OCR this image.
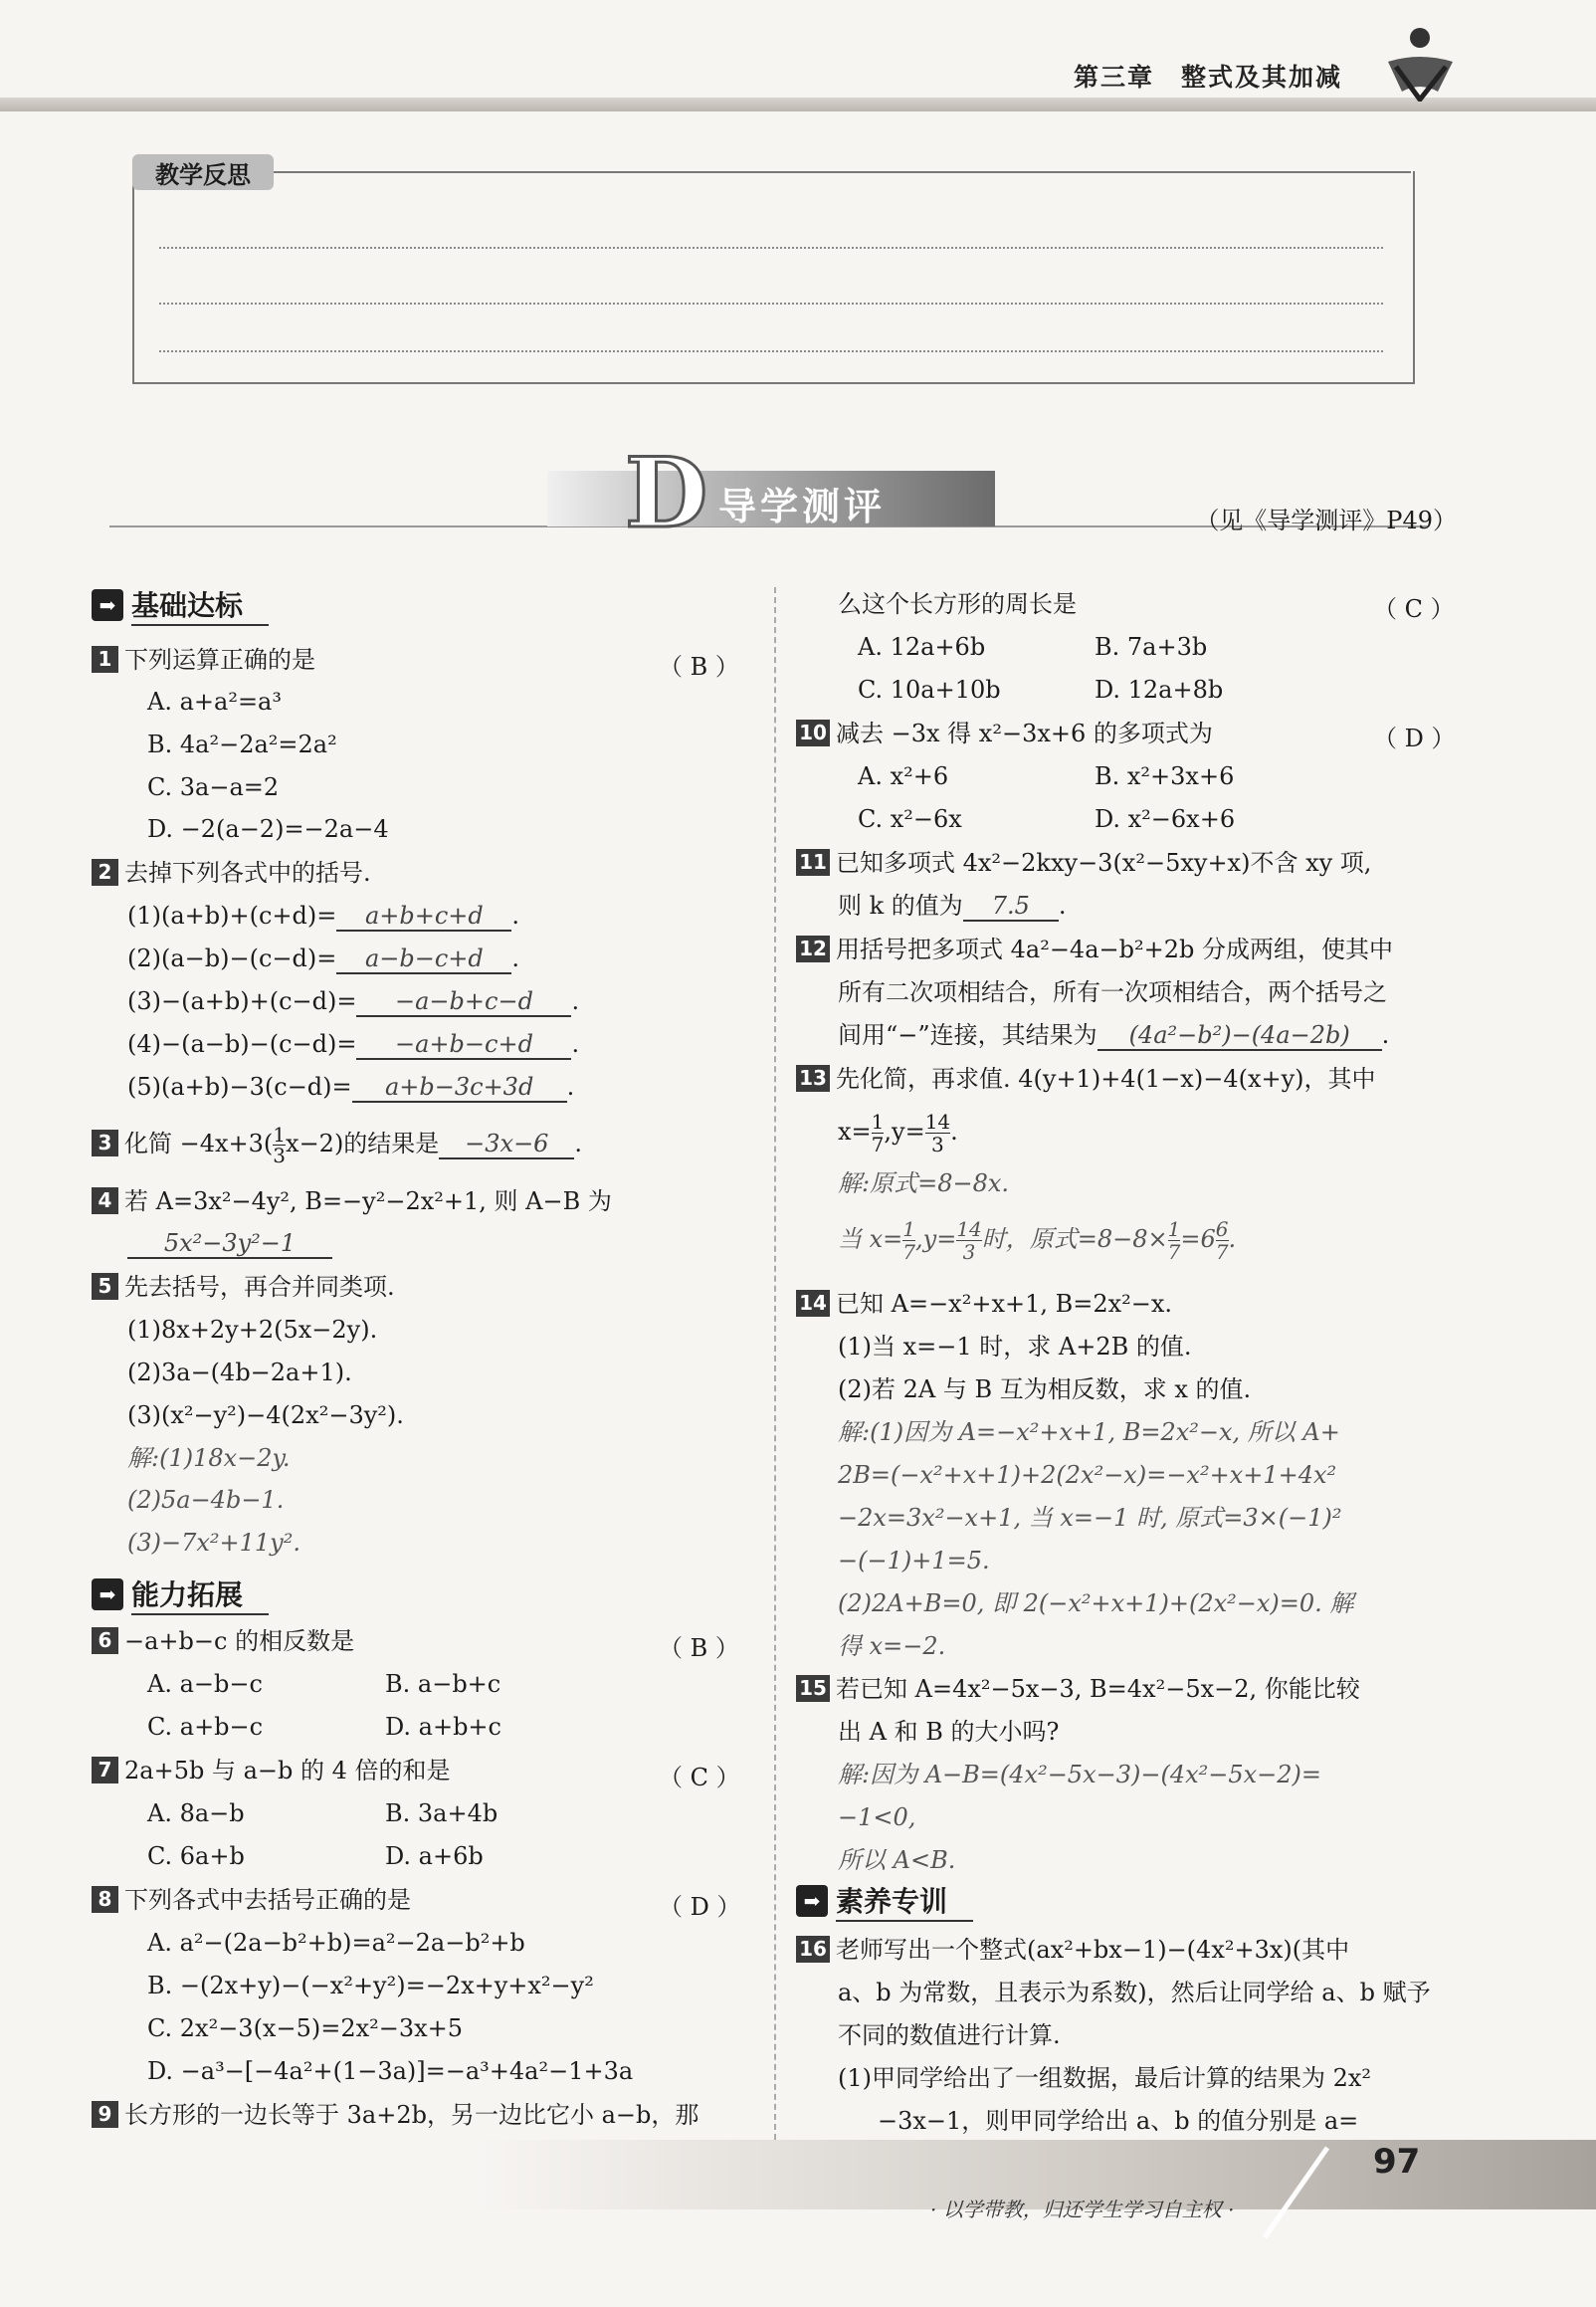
第三章　整式及其加减
教学反思
D 导学测评	（见《导学测评》P49）
➡ 基础达标
1 下列运算正确的是	（ B ）
A. a+a²=a³
B. 4a²−2a²=2a²
C. 3a−a=2
D. −2(a−2)=−2a−4
2 去掉下列各式中的括号.
(1)(a+b)+(c+d)= a+b+c+d .
(2)(a−b)−(c−d)= a−b−c+d .
(3)−(a+b)+(c−d)= −a−b+c−d .
(4)−(a−b)−(c−d)= −a+b−c+d .
(5)(a+b)−3(c−d)= a+b−3c+3d .
3 化简 $-4x+3( \frac{1}{3} x-2)$的结果是 −3x−6 .
4 若 A=3x²−4y², B=−y²−2x²+1, 则 A−B 为
5x²−3y²−1
5 先去括号，再合并同类项.
(1)8x+2y+2(5x−2y).
(2)3a−(4b−2a+1).
(3)(x²−y²)−4(2x²−3y²).
解:(1)18x−2y.
(2)5a−4b−1.
(3)−7x²+11y².
➡ 能力拓展
6 −a+b−c 的相反数是	（ B ）
A. a−b−c	B. a−b+c
C. a+b−c	D. a+b+c
7 2a+5b 与 a−b 的 4 倍的和是	（ C ）
A. 8a−b	B. 3a+4b
C. 6a+b	D. a+6b
8 下列各式中去括号正确的是	（ D ）
A. a²−(2a−b²+b)=a²−2a−b²+b
B. −(2x+y)−(−x²+y²)=−2x+y+x²−y²
C. 2x²−3(x−5)=2x²−3x+5
D. −a³−[−4a²+(1−3a)]=−a³+4a²−1+3a
9 长方形的一边长等于 3a+2b，另一边比它小 a−b，那
么这个长方形的周长是	（ C ）
A. 12a+6b	B. 7a+3b
C. 10a+10b	D. 12a+8b
10 减去 −3x 得 x²−3x+6 的多项式为	（ D ）
A. x²+6	B. x²+3x+6
C. x²−6x	D. x²−6x+6
11 已知多项式 4x²−2kxy−3(x²−5xy+x)不含 xy 项,
则 k 的值为 7.5 .
12 用括号把多项式 4a²−4a−b²+2b 分成两组，使其中
所有二次项相结合，所有一次项相结合，两个括号之
间用“−”连接，其结果为 (4a²−b²)−(4a−2b) .
13 先化简，再求值. 4(y+1)+4(1−x)−4(x+y)，其中
$x= \frac{1}{7} ,y= \frac{14}{3}$ .
解:原式=8−8x.
当 $x= \frac{1}{7} ,y= \frac{14}{3}$ 时，原式$=8-8\times \frac{1}{7} =6 \frac{6}{7}$ .
14 已知 A=−x²+x+1, B=2x²−x.
(1)当 x=−1 时，求 A+2B 的值.
(2)若 2A 与 B 互为相反数，求 x 的值.
解:(1)因为 A=−x²+x+1, B=2x²−x, 所以 A+
2B=(−x²+x+1)+2(2x²−x)=−x²+x+1+4x²
−2x=3x²−x+1, 当 x=−1 时, 原式=3×(−1)²
−(−1)+1=5.
(2)2A+B=0, 即 2(−x²+x+1)+(2x²−x)=0. 解
得 x=−2.
15 若已知 A=4x²−5x−3, B=4x²−5x−2, 你能比较
出 A 和 B 的大小吗?
解:因为 A−B=(4x²−5x−3)−(4x²−5x−2)=
−1<0,
所以 A<B.
➡ 素养专训
16 老师写出一个整式(ax²+bx−1)−(4x²+3x)(其中
a、b 为常数，且表示为系数)，然后让同学给 a、b 赋予
不同的数值进行计算.
(1)甲同学给出了一组数据，最后计算的结果为 2x²
−3x−1，则甲同学给出 a、b 的值分别是 a=
· 以学带教，归还学生学习自主权 ·
97
